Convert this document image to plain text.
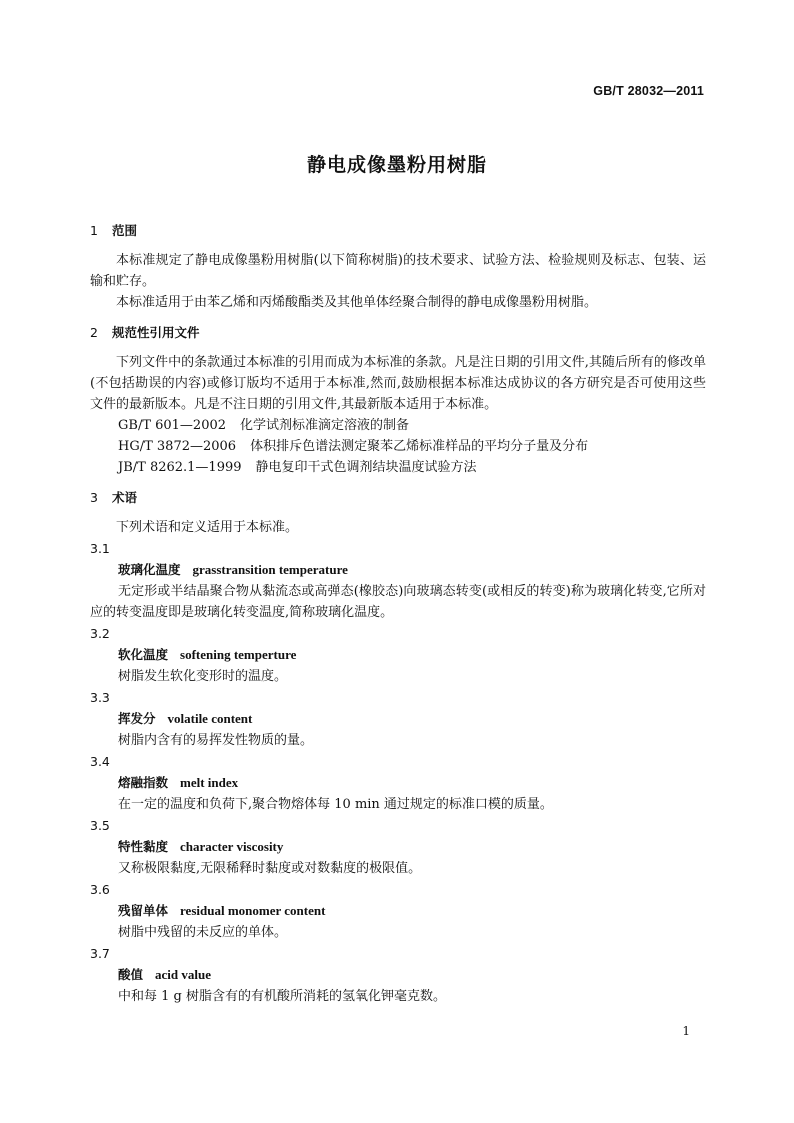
GB/T 28032—2011
静电成像墨粉用树脂

1 范围

本标准规定了静电成像墨粉用树脂(以下简称树脂)的技术要求、试验方法、检验规则及标志、包装、运输和贮存。

本标准适用于由苯乙烯和丙烯酸酯类及其他单体经聚合制得的静电成像墨粉用树脂。

2 规范性引用文件

下列文件中的条款通过本标准的引用而成为本标准的条款。凡是注日期的引用文件,其随后所有的修改单(不包括勘误的内容)或修订版均不适用于本标准,然而,鼓励根据本标准达成协议的各方研究是否可使用这些文件的最新版本。凡是不注日期的引用文件,其最新版本适用于本标准。

GB/T 601—2002 化学试剂标准滴定溶液的制备

HG/T 3872—2006 体积排斥色谱法测定聚苯乙烯标准样品的平均分子量及分布

JB/T 8262.1—1999 静电复印干式色调剂结块温度试验方法

3 术语

下列术语和定义适用于本标准。

3.1

玻璃化温度 grasstransition temperature

无定形或半结晶聚合物从黏流态或高弹态(橡胶态)向玻璃态转变(或相反的转变)称为玻璃化转变,它所对应的转变温度即是玻璃化转变温度,简称玻璃化温度。

3.2

软化温度 softening temperture

树脂发生软化变形时的温度。

3.3

挥发分 volatile content

树脂内含有的易挥发性物质的量。

3.4

熔融指数 melt index

在一定的温度和负荷下,聚合物熔体每 10 min 通过规定的标准口模的质量。

3.5

特性黏度 character viscosity

又称极限黏度,无限稀释时黏度或对数黏度的极限值。

3.6

残留单体 residual monomer content

树脂中残留的未反应的单体。

3.7

酸值 acid value

中和每 1 g 树脂含有的有机酸所消耗的氢氧化钾毫克数。

1
